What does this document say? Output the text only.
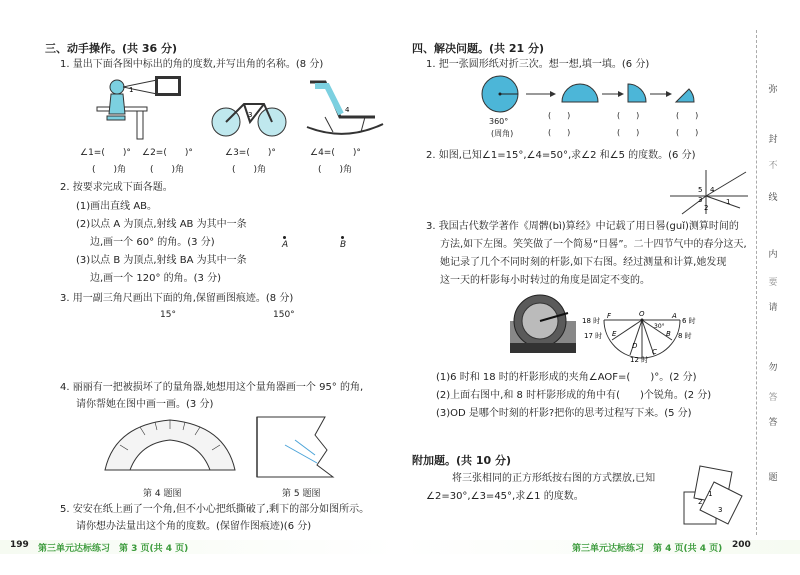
三、动手操作。(共 36 分)
1. 量出下面各图中标出的角的度数,并写出角的名称。(8 分)
1
3
4
∠1=(　　)° ∠2=(　　)°	∠3=(　　)°	∠4=(　　)°
(　　)角	(　　)角	(　　)角	(　　)角
2. 按要求完成下面各题。
(1)画出直线 AB。
(2)以点 A 为顶点,射线 AB 为其中一条
边,画一个 60° 的角。(3 分)
(3)以点 B 为顶点,射线 BA 为其中一条
边,画一个 120° 的角。(3 分)
A	B
3. 用一副三角尺画出下面的角,保留画图痕迹。(8 分)
15°	150°
4. 丽丽有一把被损坏了的量角器,她想用这个量角器画一个 95° 的角,
请你帮她在图中画一画。(3 分)
第 4 题图	第 5 题图
5. 安安在纸上画了一个角,但不小心把纸撕破了,剩下的部分如图所示。
请你想办法量出这个角的度数。(保留作图痕迹)(6 分)
四、解决问题。(共 21 分)
1. 把一张圆形纸对折三次。想一想,填一填。(6 分)
360°
(周角)
(　　)
(　　)
(　　)
(　　)
(　　)
(　　)
2. 如图,已知∠1=15°,∠4=50°,求∠2 和∠5 的度数。(6 分)
5
3
4
2
1
3. 我国古代数学著作《周髀(bì)算经》中记载了用日晷(guǐ)测算时间的
方法,如下左图。笑笑做了一个简易“日晷”。二十四节气中的春分这天,
她记录了几个不同时刻的杆影,如下右图。经过测量和计算,她发现
这一天的杆影每小时转过的角度是固定不变的。
18 时
17 时
6 时
8 时
12 时
F
E
O	A
B
C
D
30°
(1)6 时和 18 时的杆影形成的夹角∠AOF=(　　)°。(2 分)
(2)上面右图中,和 8 时杆影形成的角中有(　　)个锐角。(2 分)
(3)OD 是哪个时刻的杆影?把你的思考过程写下来。(5 分)
附加题。(共 10 分)
将三张相同的正方形纸按右图的方式摆放,已知
∠2=30°,∠3=45°,求∠1 的度数。	1
2
3
弥
封
线
内
请
勿
答
题
不
要
答
199 第三单元达标练习　第 3 页(共 4 页)	第三单元达标练习　第 4 页(共 4 页) 200
